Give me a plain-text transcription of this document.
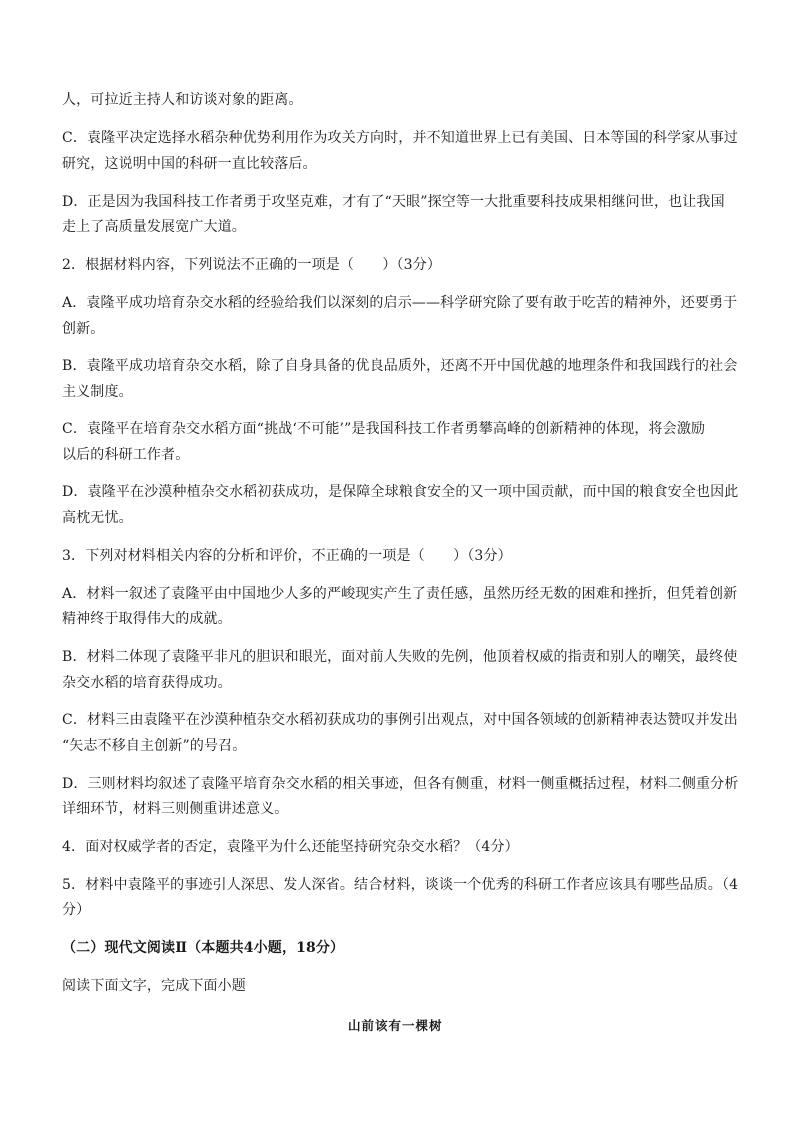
人，可拉近主持人和访谈对象的距离。
C．袁隆平决定选择水稻杂种优势利用作为攻关方向时，并不知道世界上已有美国、日本等国的科学家从事过
研究，这说明中国的科研一直比较落后。
D．正是因为我国科技工作者勇于攻坚克难，才有了“天眼”探空等一大批重要科技成果相继问世，也让我国
走上了高质量发展宽广大道。
2．根据材料内容，下列说法不正确的一项是（　　）（3分）
A．袁隆平成功培育杂交水稻的经验给我们以深刻的启示——科学研究除了要有敢于吃苦的精神外，还要勇于
创新。
B．袁隆平成功培育杂交水稻，除了自身具备的优良品质外，还离不开中国优越的地理条件和我国践行的社会
主义制度。
C．袁隆平在培育杂交水稻方面“挑战‘不可能’”是我国科技工作者勇攀高峰的创新精神的体现，将会激励
以后的科研工作者。
D．袁隆平在沙漠种植杂交水稻初获成功，是保障全球粮食安全的又一项中国贡献，而中国的粮食安全也因此
高枕无忧。
3．下列对材料相关内容的分析和评价，不正确的一项是（　　）（3分）
A．材料一叙述了袁隆平由中国地少人多的严峻现实产生了责任感，虽然历经无数的困难和挫折，但凭着创新
精神终于取得伟大的成就。
B．材料二体现了袁隆平非凡的胆识和眼光，面对前人失败的先例，他顶着权威的指责和别人的嘲笑，最终使
杂交水稻的培育获得成功。
C．材料三由袁隆平在沙漠种植杂交水稻初获成功的事例引出观点，对中国各领域的创新精神表达赞叹并发出
“矢志不移自主创新”的号召。
D．三则材料均叙述了袁隆平培育杂交水稻的相关事迹，但各有侧重，材料一侧重概括过程，材料二侧重分析
详细环节，材料三则侧重讲述意义。
4．面对权威学者的否定，袁隆平为什么还能坚持研究杂交水稻？（4分）
5．材料中袁隆平的事迹引人深思、发人深省。结合材料，谈谈一个优秀的科研工作者应该具有哪些品质。（4
分）
（二）现代文阅读Ⅱ（本题共4小题，18分）
阅读下面文字，完成下面小题
山前该有一棵树
